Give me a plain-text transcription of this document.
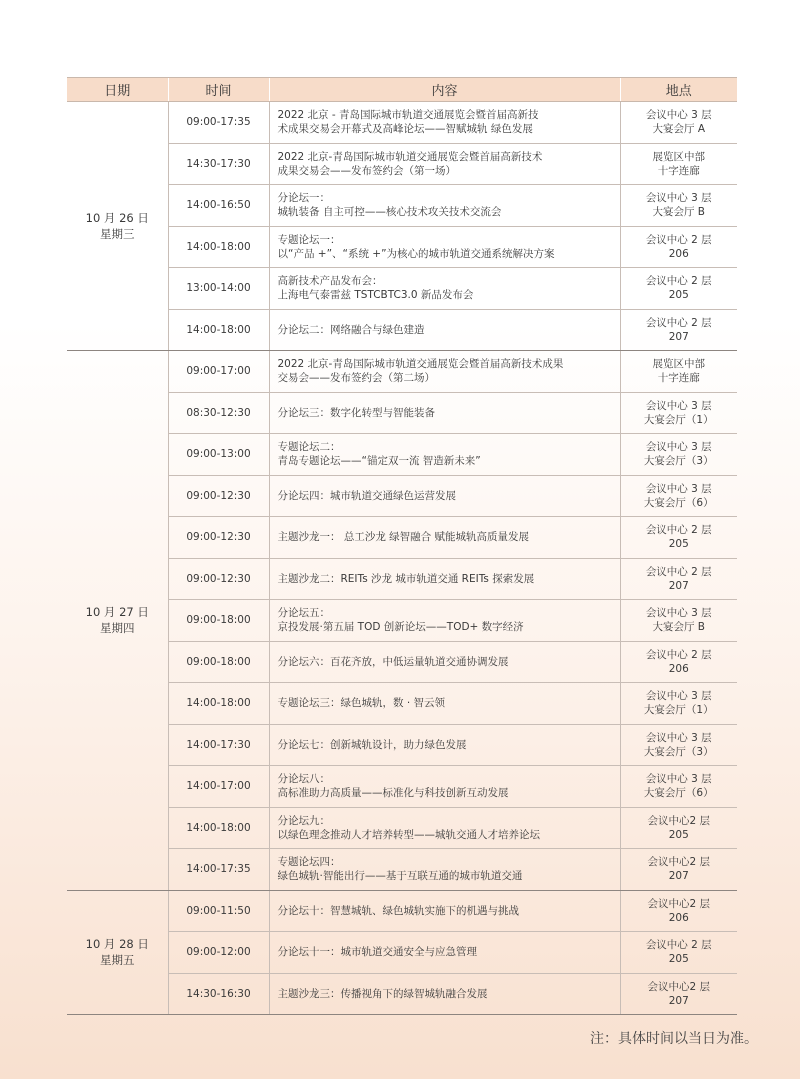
日期	时间	内容	地点

10 月 26 日
星期三	09:00-17:35	2022 北京 - 青岛国际城市轨道交通展览会暨首届高新技
术成果交易会开幕式及高峰论坛——智赋城轨 绿色发展	会议中心 3 层
大宴会厅 A

	14:30-17:30	2022 北京-青岛国际城市轨道交通展览会暨首届高新技术
成果交易会——发布签约会（第一场）	展览区中部
十字连廊

	14:00-16:50	分论坛一：
城轨装备 自主可控——核心技术攻关技术交流会	会议中心 3 层
大宴会厅 B

	14:00-18:00	专题论坛一：
以“产品 +”、“系统 +”为核心的城市轨道交通系统解决方案	会议中心 2 层
206

	13:00-14:00	高新技术产品发布会：
上海电气泰雷兹 TSTCBTC3.0 新品发布会	会议中心 2 层
205

	14:00-18:00	分论坛二：网络融合与绿色建造	会议中心 2 层
207

10 月 27 日
星期四	09:00-17:00	2022 北京-青岛国际城市轨道交通展览会暨首届高新技术成果
交易会——发布签约会（第二场）	展览区中部
十字连廊

	08:30-12:30	分论坛三：数字化转型与智能装备	会议中心 3 层
大宴会厅（1）

	09:00-13:00	专题论坛二：
青岛专题论坛——“锚定双一流 智造新未来”	会议中心 3 层
大宴会厅（3）

	09:00-12:30	分论坛四：城市轨道交通绿色运营发展	会议中心 3 层
大宴会厅（6）

	09:00-12:30	主题沙龙一： 总工沙龙 绿智融合 赋能城轨高质量发展	会议中心 2 层
205

	09:00-12:30	主题沙龙二：REITs 沙龙 城市轨道交通 REITs 探索发展	会议中心 2 层
207

	09:00-18:00	分论坛五：
京投发展·第五届 TOD 创新论坛——TOD+ 数字经济	会议中心 3 层
大宴会厅 B

	09:00-18:00	分论坛六：百花齐放，中低运量轨道交通协调发展	会议中心 2 层
206

	14:00-18:00	专题论坛三：绿色城轨，数 · 智云领	会议中心 3 层
大宴会厅（1）

	14:00-17:30	分论坛七：创新城轨设计，助力绿色发展	会议中心 3 层
大宴会厅（3）

	14:00-17:00	分论坛八：
高标准助力高质量——标准化与科技创新互动发展	会议中心 3 层
大宴会厅（6）

	14:00-18:00	分论坛九：
以绿色理念推动人才培养转型——城轨交通人才培养论坛	会议中心2 层
205

	14:00-17:35	专题论坛四：
绿色城轨·智能出行——基于互联互通的城市轨道交通	会议中心2 层
207

10 月 28 日
星期五	09:00-11:50	分论坛十：智慧城轨、绿色城轨实施下的机遇与挑战	会议中心2 层
206

	09:00-12:00	分论坛十一：城市轨道交通安全与应急管理	会议中心 2 层
205

	14:30-16:30	主题沙龙三：传播视角下的绿智城轨融合发展	会议中心2 层
207
注：具体时间以当日为准。
